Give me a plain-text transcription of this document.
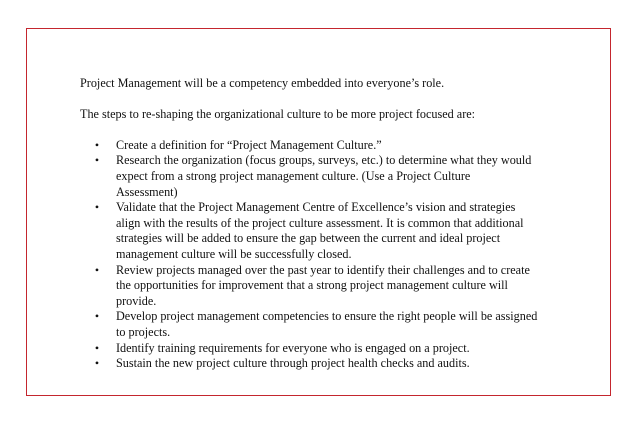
Project Management will be a competency embedded into everyone’s role.

The steps to re-shaping the organizational culture to be more project focused are:

• Create a definition for “Project Management Culture.”
• Research the organization (focus groups, surveys, etc.) to determine what they would
expect from a strong project management culture. (Use a Project Culture
Assessment)
• Validate that the Project Management Centre of Excellence’s vision and strategies
align with the results of the project culture assessment. It is common that additional
strategies will be added to ensure the gap between the current and ideal project
management culture will be successfully closed.
• Review projects managed over the past year to identify their challenges and to create
the opportunities for improvement that a strong project management culture will
provide.
• Develop project management competencies to ensure the right people will be assigned
to projects.
• Identify training requirements for everyone who is engaged on a project.
• Sustain the new project culture through project health checks and audits.
